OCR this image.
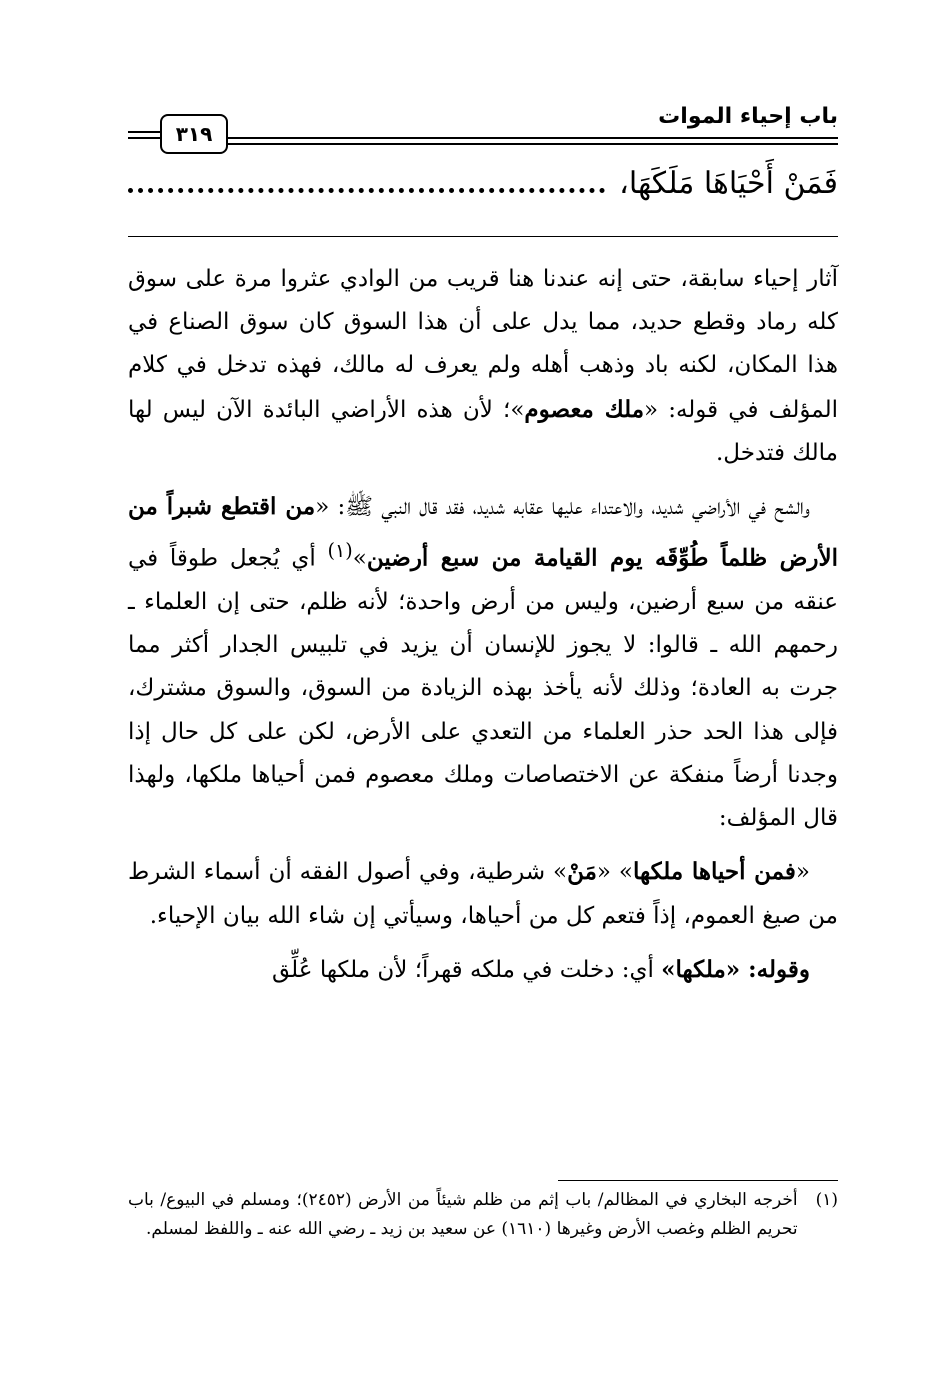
باب إحياء الموات
٣١٩
فَمَنْ أَحْيَاهَا مَلَكَهَا،

آثار إحياء سابقة، حتى إنه عندنا هنا قريب من الوادي عثروا مرة على سوق كله رماد وقطع حديد، مما يدل على أن هذا السوق كان سوق الصناع في هذا المكان، لكنه باد وذهب أهله ولم يعرف له مالك، فهذه تدخل في كلام المؤلف في قوله: «ملك معصوم»؛ لأن هذه الأراضي البائدة الآن ليس لها مالك فتدخل.

والشح في الأراضي شديد، والاعتداء عليها عقابه شديد، فقد قال النبي ﷺ: «من اقتطع شبراً من الأرض ظلماً طُوِّقَه يوم القيامة من سبع أرضين»$^{(١)}$ أي يُجعل طوقاً في عنقه من سبع أرضين، وليس من أرض واحدة؛ لأنه ظلم، حتى إن العلماء ـ رحمهم الله ـ قالوا: لا يجوز للإنسان أن يزيد في تلبيس الجدار أكثر مما جرت به العادة؛ وذلك لأنه يأخذ بهذه الزيادة من السوق، والسوق مشترك، فإلى هذا الحد حذر العلماء من التعدي على الأرض، لكن على كل حال إذا وجدنا أرضاً منفكة عن الاختصاصات وملك معصوم فمن أحياها ملكها، ولهذا قال المؤلف:

«فمن أحياها ملكها» «مَنْ» شرطية، وفي أصول الفقه أن أسماء الشرط من صيغ العموم، إذاً فتعم كل من أحياها، وسيأتي إن شاء الله بيان الإحياء.

وقوله: «ملكها» أي: دخلت في ملكه قهراً؛ لأن ملكها عُلِّق

(١)
أخرجه البخاري في المظالم/ باب إثم من ظلم شيئاً من الأرض (٢٤٥٢)؛ ومسلم في البيوع/ باب تحريم الظلم وغصب الأرض وغيرها (١٦١٠) عن سعيد بن زيد ـ رضي الله عنه ـ واللفظ لمسلم.
